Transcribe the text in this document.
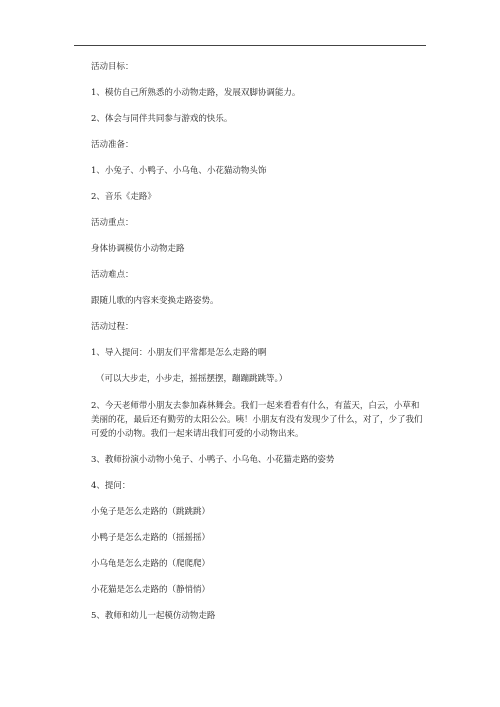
活动目标：

1、模仿自己所熟悉的小动物走路，发展双脚协调能力。

2、体会与同伴共同参与游戏的快乐。

活动准备：

1、小兔子、小鸭子、小乌龟、小花猫动物头饰

2、音乐《走路》

活动重点：

身体协调模仿小动物走路

活动难点：

跟随儿歌的内容来变换走路姿势。

活动过程：

1、导入提问：小朋友们平常都是怎么走路的啊

（可以大步走，小步走，摇摇摆摆，蹦蹦跳跳等。）

2、今天老师带小朋友去参加森林舞会。我们一起来看看有什么，有蓝天，白云，小草和美丽的花，最后还有勤劳的太阳公公。咦！小朋友有没有发现少了什么，对了，少了我们可爱的小动物。我们一起来请出我们可爱的小动物出来。

3、教师扮演小动物小兔子、小鸭子、小乌龟、小花猫走路的姿势

4、提问：

小兔子是怎么走路的（跳跳跳）

小鸭子是怎么走路的（摇摇摇）

小乌龟是怎么走路的（爬爬爬）

小花猫是怎么走路的（静悄悄）

5、教师和幼儿一起模仿动物走路
